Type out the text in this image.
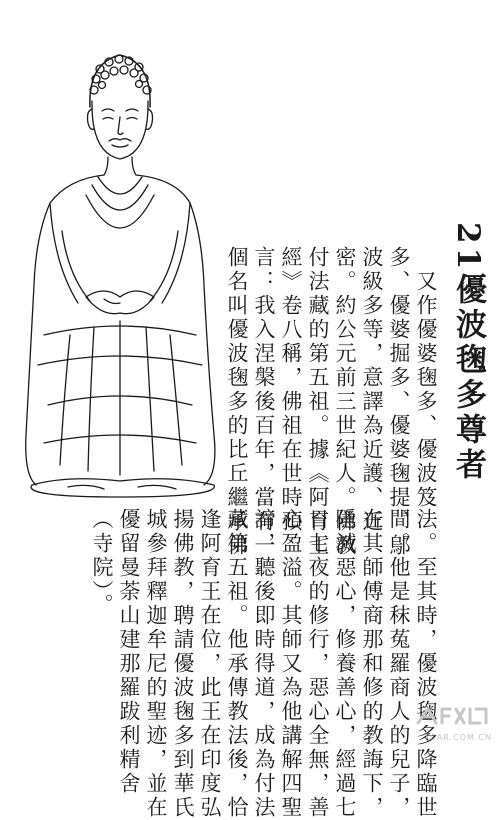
21優波毱多尊者
又作優婆毱多、優波笈
多、優婆掘多、優婆毱提、鄔
波級多等，意譯為近護、近
密。約公元前三世紀人。佛教
付法藏的第五祖。據《阿育王
經》卷八稱，佛祖在世時預
言：我入涅槃後百年，當有一
個名叫優波毱多的比丘繼承佛
法。至其時，優波毱多降臨世
間。他是秣菟羅商人的兒子，
在其師傅商那和修的教誨下，
隱滅惡心，修養善心，經過七
日七夜的修行，惡心全無，善
心盈溢。其師又為他講解四聖
諦，聽後即時得道，成為付法
藏第五祖。他承傳教法後，恰
逢阿育王在位，此王在印度弘
揚佛教，聘請優波毱多到華氏
城參拜釋迦牟尼的聖迹，並在
優留曼荼山建那羅跋利精舍
（寺院）。
XCAR.COM.CN
